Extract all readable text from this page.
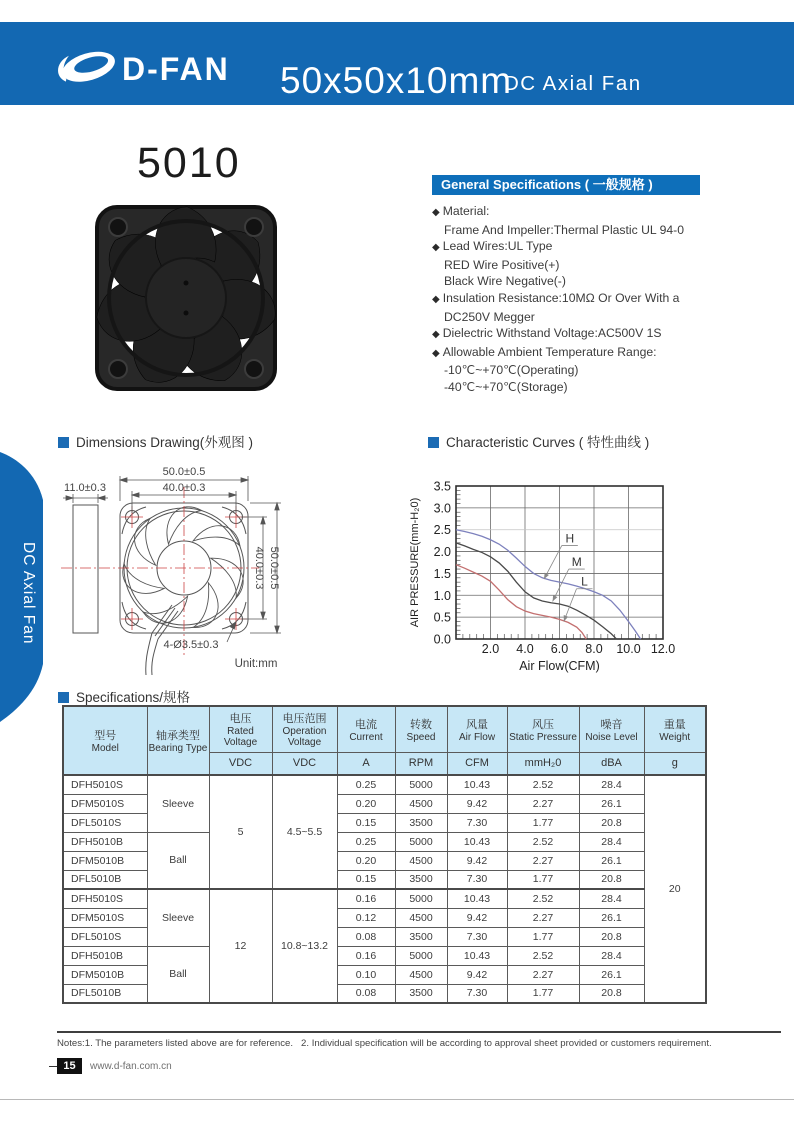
D-FAN 50x50x10mm
DC Axial Fan
DC Axial Fan
5010	General Specifications ( 一般规格 )
◆ Material:
Frame And Impeller:Thermal Plastic UL 94-0
◆ Lead Wires:UL Type
RED Wire Positive(+)
Black Wire Negative(-)
◆ Insulation Resistance:10MΩ Or Over With a
DC250V Megger
◆ Dielectric Withstand Voltage:AC500V 1S
◆ Allowable Ambient Temperature Range:
-10℃~+70℃(Operating)
-40℃~+70℃(Storage)
Dimensions Drawing(外观图 )	Characteristic Curves ( 特性曲线 )
Specifications/规格
50.0±0.5
40.0±0.3
11.0±0.3
40.0±0.3 50.0±0.5
4-Ø3.5±0.3
Unit:mm
H
M
L
2.0 4.0 6.0 8.0 10.0 12.0
0.0
0.5
1.0
1.5
2.0
2.5
3.0
3.5
Air Flow(CFM)
AIR PRESSURE(mm-H₂0)
型号
Model

轴承类型
Bearing Type

电压
Rated Voltage

电压范围
Operation Voltage

电流
Current

转数
Speed

风量
Air Flow

风压
Static Pressure

噪音
Noise Level

重量
Weight

		VDC	VDC	A	RPM	CFM	mmH₂0	dBA	g
DFH5010S	Sleeve	5	4.5~5.5	0.25	5000	10.43	2.52	28.4	20
DFM5010S				0.20	4500	9.42	2.27	26.1	
DFL5010S				0.15	3500	7.30	1.77	20.8	
DFH5010B	Ball			0.25	5000	10.43	2.52	28.4	
DFM5010B				0.20	4500	9.42	2.27	26.1	
DFL5010B				0.15	3500	7.30	1.77	20.8	
DFH5010S	Sleeve	12	10.8~13.2	0.16	5000	10.43	2.52	28.4	
DFM5010S				0.12	4500	9.42	2.27	26.1	
DFL5010S				0.08	3500	7.30	1.77	20.8	
DFH5010B	Ball			0.16	5000	10.43	2.52	28.4	
DFM5010B				0.10	4500	9.42	2.27	26.1	
DFL5010B				0.08	3500	7.30	1.77	20.8	
Notes:1. The parameters listed above are for reference.   2. Individual specification will be according to approval sheet provided or customers requirement.
15	www.d-fan.com.cn
